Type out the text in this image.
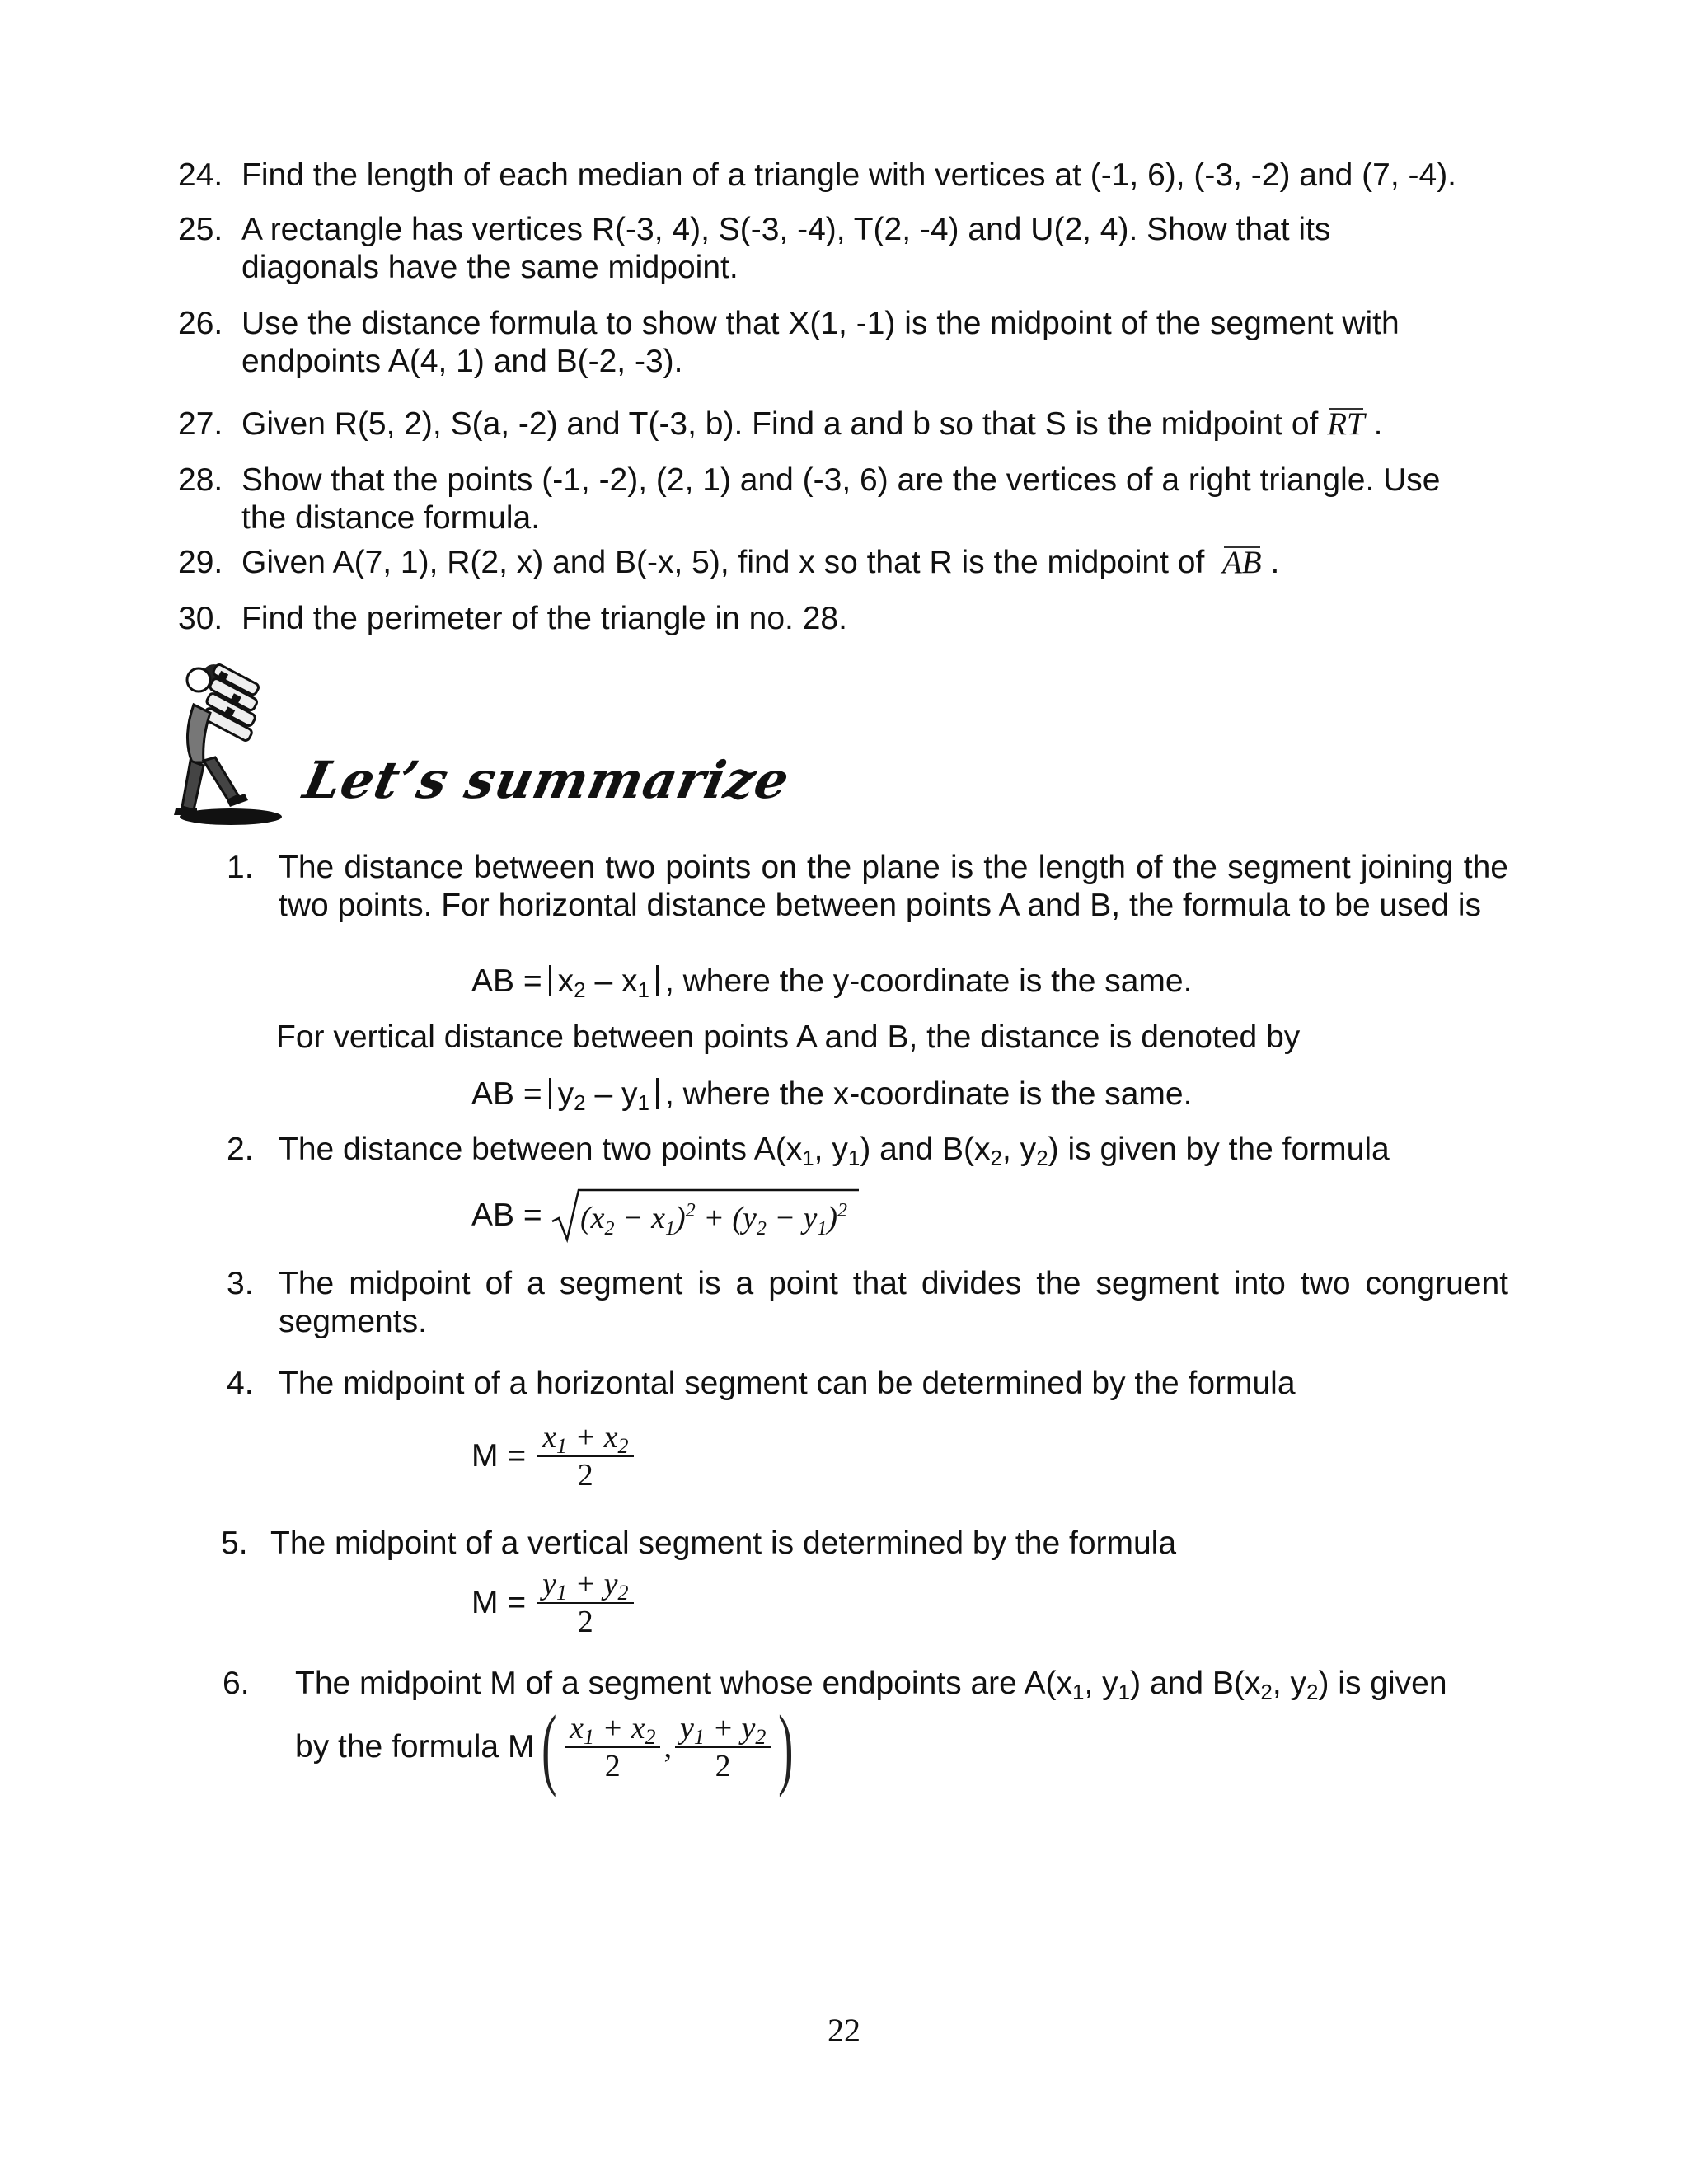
24. Find the length of each median of a triangle with vertices at (-1, 6), (-3, -2) and (7, -4).
25. A rectangle has vertices R(-3, 4), S(-3, -4), T(2, -4) and U(2, 4). Show that its
diagonals have the same midpoint.
26. Use the distance formula to show that X(1, -1) is the midpoint of the segment with
endpoints A(4, 1) and B(-2, -3).
27. Given R(5, 2), S(a, -2) and T(-3, b). Find a and b so that S is the midpoint of RT .
28. Show that the points (-1, -2), (2, 1) and (-3, 6) are the vertices of a right triangle. Use
the distance formula.
29. Given A(7, 1), R(2, x) and B(-x, 5), find x so that R is the midpoint of AB .
30. Find the perimeter of the triangle in no. 28.
Let’s summarize
1. The distance between two points on the plane is the length of the segment joining the two points. For horizontal distance between points A and B, the formula to be used is
AB = $x_2 - x_1$ , where the y-coordinate is the same.
For vertical distance between points A and B, the distance is denoted by
AB = $y_2 - y_1$ , where the x-coordinate is the same.
2. The distance between two points $A(x_1$, $y_1$) and $B(x_2$, $y_2$) is given by the formula
AB = $(x_2 - x_1)^2 + (y_2 - y_1)^2$
3. The midpoint of a segment is a point that divides the segment into two congruent segments.
4. The midpoint of a horizontal segment can be determined by the formula
$M = \frac{x_1 + x_2}{2}$
5. The midpoint of a vertical segment is determined by the formula
$M = \frac{y_1 + y_2}{2}$
6. The midpoint M of a segment whose endpoints are $A(x_1$, $y_1$) and $B(x_2$, $y_2$) is given
by the formula M ( $\frac{x_1 + x_2}{2}$ , $\frac{y_1 + y_2}{2}$ )
22
